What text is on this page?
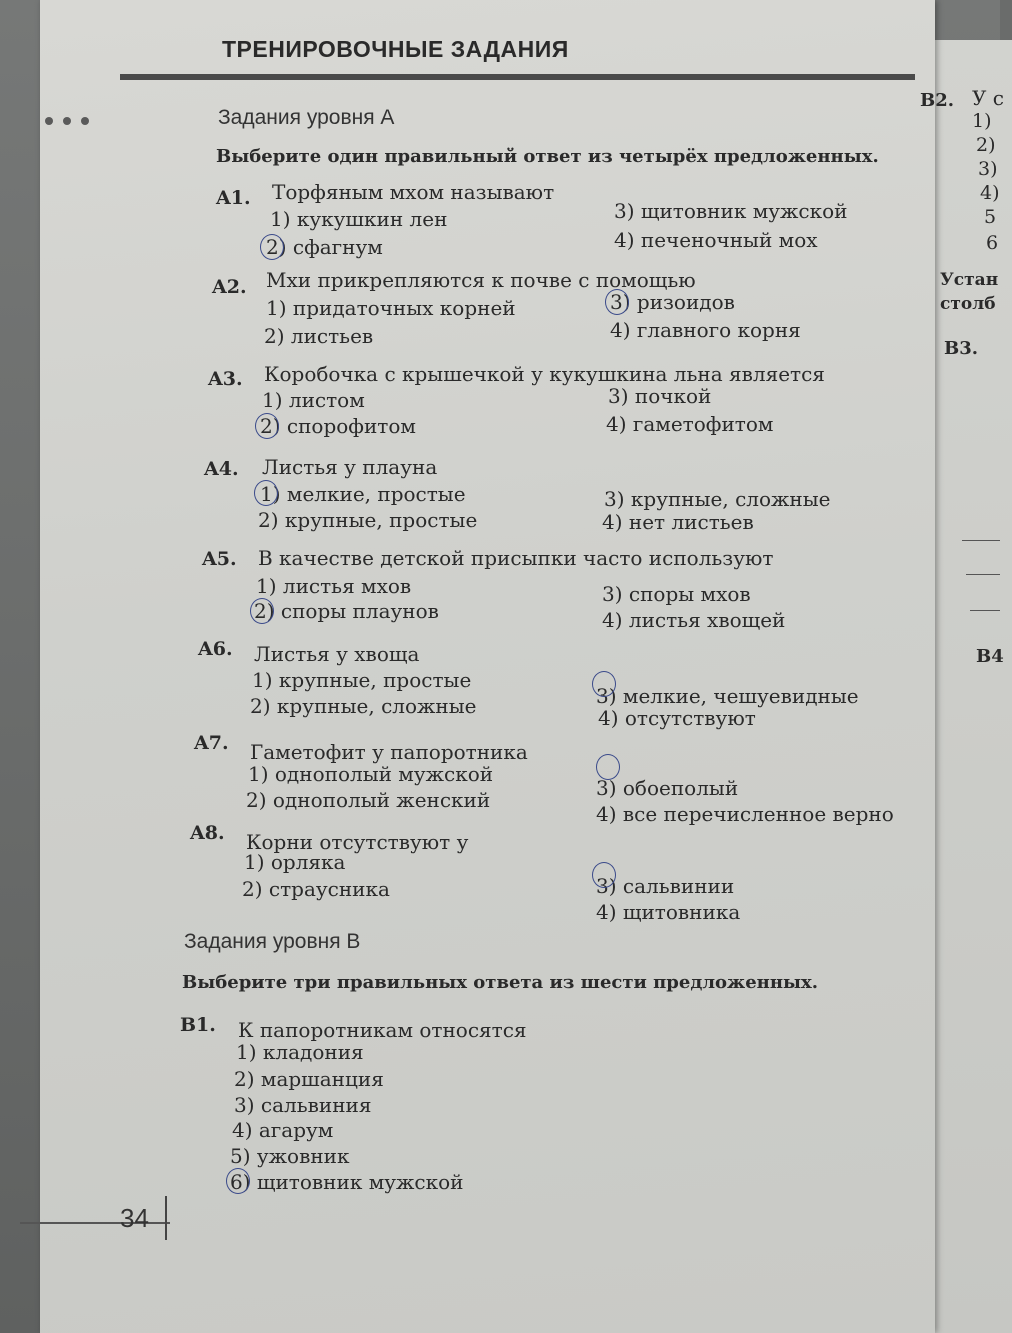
ТРЕНИРОВОЧНЫЕ ЗАДАНИЯ
Задания уровня А
Выберите один правильный ответ из четырёх предложенных.
A1. Торфяным мхом называют
1) кукушкин лен
2) сфагнум
3) щитовник мужской
4) печеночный мох
A2. Мхи прикрепляются к почве с помощью
1) придаточных корней
2) листьев
3) ризоидов
4) главного корня
A3. Коробочка с крышечкой у кукушкина льна является
1) листом
2) спорофитом
3) почкой
4) гаметофитом
A4. Листья у плауна
1) мелкие, простые
2) крупные, простые
3) крупные, сложные
4) нет листьев
A5. В качестве детской присыпки часто используют
1) листья мхов
2) споры плаунов
3) споры мхов
4) листья хвощей
A6. Листья у хвоща
1) крупные, простые
2) крупные, сложные	3) мелкие, чешуевидные
4) отсутствуют
A7. Гаметофит у папоротника
1) однополый мужской
2) однополый женский	3) обоеполый
4) все перечисленное верно
A8. Корни отсутствуют у
1) орляка
2) страусника	3) сальвинии
4) щитовника
Задания уровня В
Выберите три правильных ответа из шести предложенных.
B1. К папоротникам относятся
1) кладония
2) маршанция
3) сальвиния
4) агарум
5) ужовник
6) щитовник мужской
34
B2. У с
1)
2)
3)
4)
5
6
Устан
столб
B3.
B4
